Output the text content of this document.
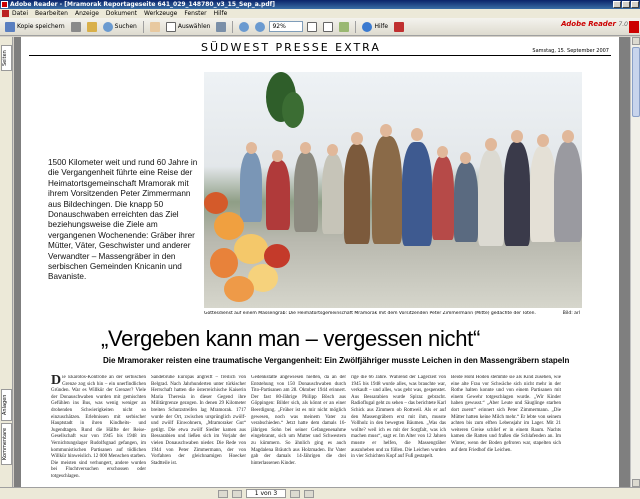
Adobe Reader - [Mramorak Reportageseite 641_029_148780_v3_15_Sep_a.pdf]
Datei Bearbeiten Anzeige Dokument Werkzeuge Fenster Hilfe
Kopie speichern	Suchen	Auswählen	92%	Hilfe	Adobe Reader 7.0
Seiten
Anlagen
Kommentare
SÜDWEST PRESSE EXTRA	Samstag, 15. September 2007
Gottesdienst auf einem Massengrab: Die Heimatortsgemeinschaft Mramorak mit dem Vorsitzenden Peter Zimmermann (Mitte) gedachte der Toten.	Bild: arl
1500 Kilometer weit und rund 60 Jahre in die Vergangenheit führte eine Reise der Heimatortsgemeinschaft Mramorak mit ihrem Vorsitzenden Peter Zimmermann aus Bildechingen. Die knapp 50 Donauschwaben erreichten das Ziel beziehungsweise die Ziele am vergangenen Wochenende: Gräber ihrer Mütter, Väter, Geschwister und anderer Verwandter – Massengräber in den serbischen Gemeinden Knicanin und Bavaniste.
„Vergeben kann man – vergessen nicht“
Die Mramoraker reisten eine traumatische Vergangenheit: Ein Zwölfjähriger musste Leichen in den Massengräbern stapeln
Die Ekarotos-Kontrolle an der serbischen Grenze zog sich hin – ein unerfindlichen Gründen. War es Willkür der Grenzer? Viele der Donauschwaben wurden mit gemischten Gefühlen ins Bus, was wenig weniger an drohenden Schwierigkeiten nicht so einzuschätzen. Erlebnissen mit serbischer Hauptstadt in ihren Kindheits- und Jugendtagen. Rund die Hälfte der Reise-Gesellschaft war von 1945 bis 1948 im Vernichtungslager Rudolfsgnad gefangen, im kommunistischen Partisanen auf tödlichen Willkür hinweislich. 12 000 Menschen starben. Die meisten sind verhungert, andere wurden bei Fluchtversuchen erschossen oder totgeschlagen.
Sandebrühe Europas angreift – freilich von Belgrad. Nach Jahrhunderten unter türkischer Herrschaft hatten die österreichische Kaiserin Maria Theresia in dieser Gegend ihre Militärgrenze gezogen. In denen 29 Kilometer breiten Schutzstreifen lag Mramorak. 1717 wurde der Ort, zwischen ursprünglich zwölf- und zwölf Einwohnern, „Mramoraker Gut“ getilgt. Die etwa zwölf Siedler kamen aus Bessarabien und ließen sich im Vorjahr der vielen Donauschwaben nieder. Die Rede von 1944 von Peter Zimmermann, der von Vorfahren der gleichnamigen Hoecker Stadtteile ist.
Gedenkstätte angewiesen hielten, da an der Entstehung von 150 Donauschwaben durch Tito-Partisanen am 28. Oktober 1944 erinnert. Der fast 80-Jährige Philipp Bösch aus Göppingen: Bilder sich, als könnt er an einer Beerdigung. „Früher ist es mir nicht möglich gewesen, noch was meinem Vater zu verabschieden.“ Jetzt hatte dem damals 16-jährigen Sohn bei seiner Gefangenenahme eingebrannt, sich um Mutter und Schwestern zu kümmern. So ähnlich ging es auch Magdalena Bräutch aus Holzmaden. Ihr Vater gab der damals 14-Jährigen die drei hinterlassenen Kinder.
rige die 66 Jahre. Während der Lagerzeit von 1945 bis 1948 wurde alles, was brauchte war, verkauft – und alles, was geht was, gespenstet. Aus Bessarabien wurde Spiraz gebracht. Radioflugal geht zu sehen – das berichtete Karl Schick aus Zimmern ob Rottweil. Als er auf den Massengräbern erst mit ihm, musste Vollholz in den bewegten Bäumen. „Was das wollte? weil ich es mit der Sorgfalt, was ich machen muss“, sagt er. Im Alter von 12 Jahren musste er helfen, die Massengräber auszuheben und zu füllen. Die Leichen wurden in vier Schichten Kopf auf Fuß gestapelt.
Beide Hohl Hoden stemmte sie als Kind zusehen, wie eine alte Frau vor Schwäche sich nicht mehr in der Rothe halten konnte und von einem Partisanen mit einem Gewehr totgeschlagen wurde. „Wir Kinder haben gewusst.“ „Aber Leute und Säuglinge starben dort zuerst“ erinnert sich Peter Zimmermann. „Die Mütter hatten keine Milch mehr.“ Er lebte von seinem achten bis zum elften Lebensjahr im Lager. Mit 21 weiteren Greise schlief er in einem Raum. Nachts kamen die Ratten und fraßen die Schlafenden an. Im Winter, wenn der Boden gefroren war, stapelten sich auf dem Friedhof die Leichen.
1 von 3
